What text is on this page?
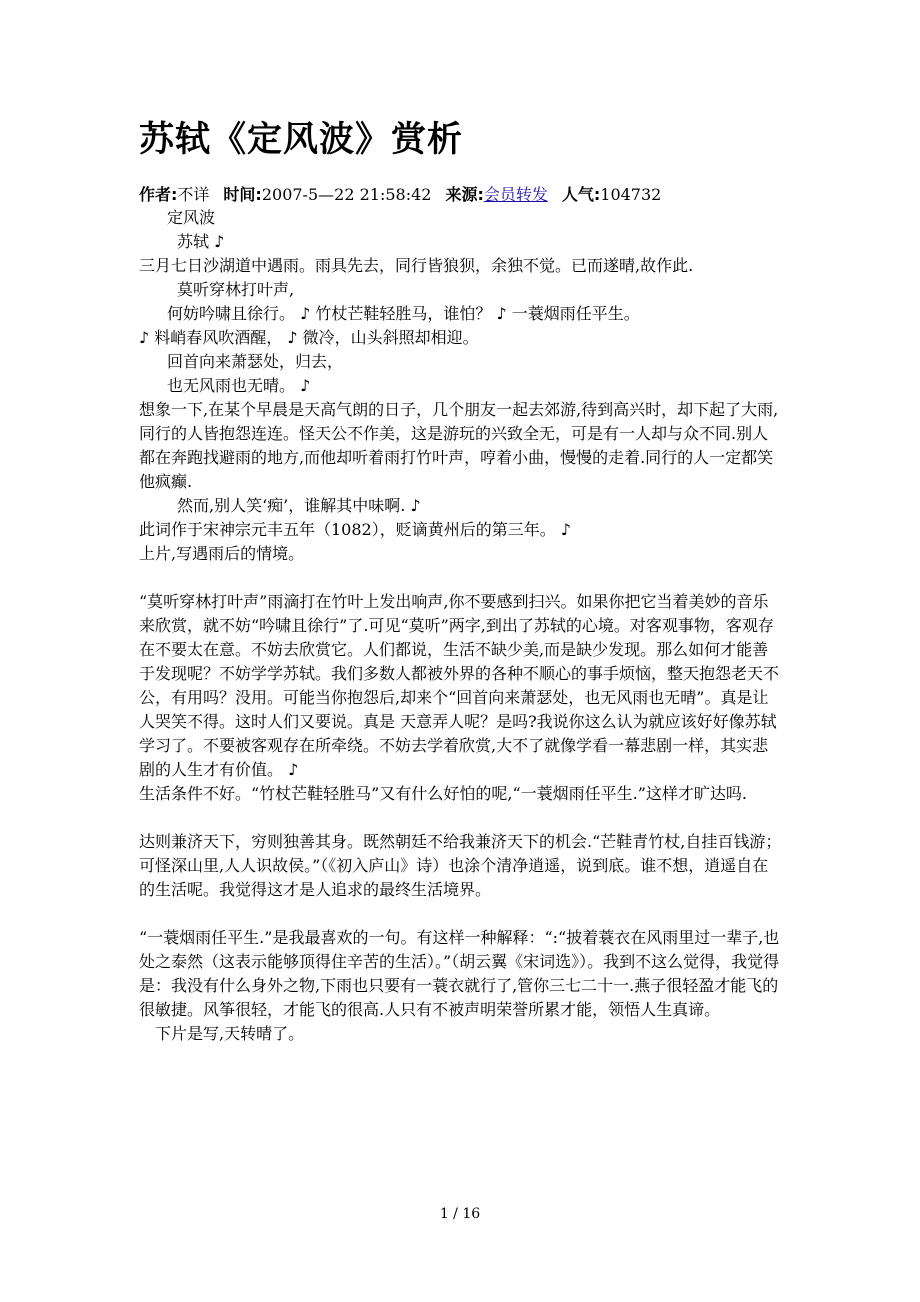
苏轼《定风波》赏析
作者:不详 时间:2007-5—22 21:58:42 来源:会员转发 人气:104732

定风波

苏轼 ♪

三月七日沙湖道中遇雨。雨具先去，同行皆狼狈，余独不觉。已而遂晴,故作此.

莫听穿林打叶声,

何妨吟啸且徐行。 ♪ 竹杖芒鞋轻胜马，谁怕？ ♪ 一蓑烟雨任平生。

♪ 料峭春风吹酒醒， ♪ 微冷，山头斜照却相迎。

回首向来萧瑟处，归去，

也无风雨也无晴。 ♪

想象一下,在某个早晨是天高气朗的日子，几个朋友一起去郊游,待到高兴时，却下起了大雨,同行的人皆抱怨连连。怪天公不作美，这是游玩的兴致全无，可是有一人却与众不同.别人都在奔跑找避雨的地方,而他却听着雨打竹叶声，哼着小曲，慢慢的走着.同行的人一定都笑他疯癫.

然而,别人笑‘痴’，谁解其中味啊. ♪

此词作于宋神宗元丰五年（1082），贬谪黄州后的第三年。 ♪

上片,写遇雨后的情境。

“莫听穿林打叶声”雨滴打在竹叶上发出响声,你不要感到扫兴。如果你把它当着美妙的音乐来欣赏，就不妨“吟啸且徐行”了.可见“莫听”两字,到出了苏轼的心境。对客观事物，客观存在不要太在意。不妨去欣赏它。人们都说，生活不缺少美,而是缺少发现。那么如何才能善于发现呢？不妨学学苏轼。我们多数人都被外界的各种不顺心的事手烦恼，整天抱怨老天不公，有用吗？没用。可能当你抱怨后,却来个“回首向来萧瑟处，也无风雨也无晴”。真是让人哭笑不得。这时人们又要说。真是 天意弄人呢？是吗?我说你这么认为就应该好好像苏轼学习了。不要被客观存在所牵绕。不妨去学着欣赏,大不了就像学看一幕悲剧一样，其实悲剧的人生才有价值。 ♪

生活条件不好。“竹杖芒鞋轻胜马”又有什么好怕的呢,“一蓑烟雨任平生.”这样才旷达吗.

达则兼济天下，穷则独善其身。既然朝廷不给我兼济天下的机会.“芒鞋青竹杖,自挂百钱游；可怪深山里,人人识故侯。”（《初入庐山》诗）也涂个清净逍遥，说到底。谁不想，逍遥自在的生活呢。我觉得这才是人追求的最终生活境界。

“一蓑烟雨任平生.”是我最喜欢的一句。有这样一种解释：“:“披着蓑衣在风雨里过一辈子,也处之泰然（这表示能够顶得住辛苦的生活）。”（胡云翼《宋词选》）。我到不这么觉得，我觉得是：我没有什么身外之物,下雨也只要有一蓑衣就行了,管你三七二十一.燕子很轻盈才能飞的很敏捷。风筝很轻，才能飞的很高.人只有不被声明荣誉所累才能，领悟人生真谛。

下片是写,天转晴了。

1 / 16
